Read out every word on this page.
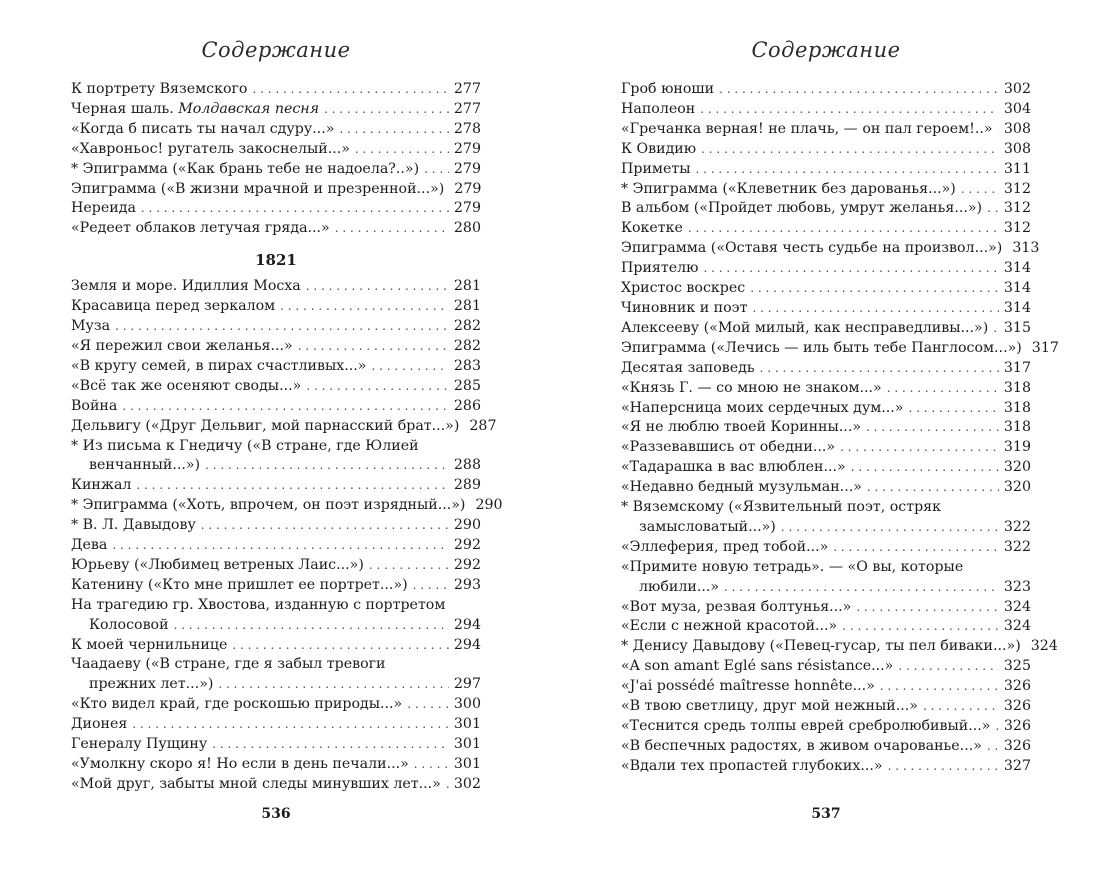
Содержание
К портрету Вяземского . . .	277
Черная шаль. Молдавская песня . . .	277
«Когда б писать ты начал сдуру...» . . .	278
«Хавроньос! ругатель закоснелый...» . . .	279
* Эпиграмма («Как брань тебе не надоела?..») . . . 279
Эпиграмма («В жизни мрачной и презренной...») 279
Нереида . . .	279
«Редеет облаков летучая гряда...» . . .	280
1821
Земля и море. Идиллия Мосха . . .	281
Красавица перед зеркалом . . .	281
Муза . . .	282
«Я пережил свои желанья...» . . .	282
«В кругу семей, в пирах счастливых...» . . .	283
«Всё так же осеняют своды...» . . .	285
Война . . .	286
Дельвигу («Друг Дельвиг, мой парнасский брат...») 287
* Из письма к Гнедичу («В стране, где Юлией
венчанный...») . . .	288
Кинжал . . .	289
* Эпиграмма («Хоть, впрочем, он поэт изрядный...») 290
* В. Л. Давыдову . . .	290
Дева . . .	292
Юрьеву («Любимец ветреных Лаис...») . . .	292
Катенину («Кто мне пришлет ее портрет...») . . .	293
На трагедию гр. Хвостова, изданную с портретом
Колосовой . . .	294
К моей чернильнице . . .	294
Чаадаеву («В стране, где я забыл тревоги
прежних лет...») . . .	297
«Кто видел край, где роскошью природы...» . . .	300
Дионея . . .	301
Генералу Пущину . . .	301
«Умолкну скоро я! Но если в день печали...» . . .	301
«Мой друг, забыты мной следы минувших лет...» . . . 302
536
Содержание
Гроб юноши . . .	302
Наполеон . . .	304
«Гречанка верная! не плачь, — он пал героем!..» . . . 308
К Овидию . . .	308
Приметы . . .	311
* Эпиграмма («Клеветник без дарованья...») . . .	312
В альбом («Пройдет любовь, умрут желанья...») . . . 312
Кокетке . . .	312
Эпиграмма («Оставя честь судьбе на произвол...») 313
Приятелю . . .	314
Христос воскрес . . .	314
Чиновник и поэт . . .	314
Алексееву («Мой милый, как несправедливы...») . . . 315
Эпиграмма («Лечись — иль быть тебе Панглосом...») 317
Десятая заповедь . . .	317
«Князь Г. — со мною не знаком...» . . .	318
«Наперсница моих сердечных дум...» . . .	318
«Я не люблю твоей Коринны...» . . .	318
«Раззевавшись от обедни...» . . .	319
«Тадарашка в вас влюблен...» . . .	320
«Недавно бедный музульман...» . . .	320
* Вяземскому («Язвительный поэт, остряк
замысловатый...») . . .	322
«Эллеферия, пред тобой...» . . .	322
«Примите новую тетрадь». — «О вы, которые
любили...» . . .	323
«Вот муза, резвая болтунья...» . . .	324
«Если с нежной красотой...» . . .	324
* Денису Давыдову («Певец-гусар, ты пел биваки...») 324
«A son amant Eglé sans résistance...» . . .	325
«J'ai possédé maîtresse honnête...» . . .	326
«В твою светлицу, друг мой нежный...» . . .	326
«Теснится средь толпы еврей сребролюбивый...» . . . 326
«В беспечных радостях, в живом очарованье...» . . . 326
«Вдали тех пропастей глубоких...» . . .	327
537
